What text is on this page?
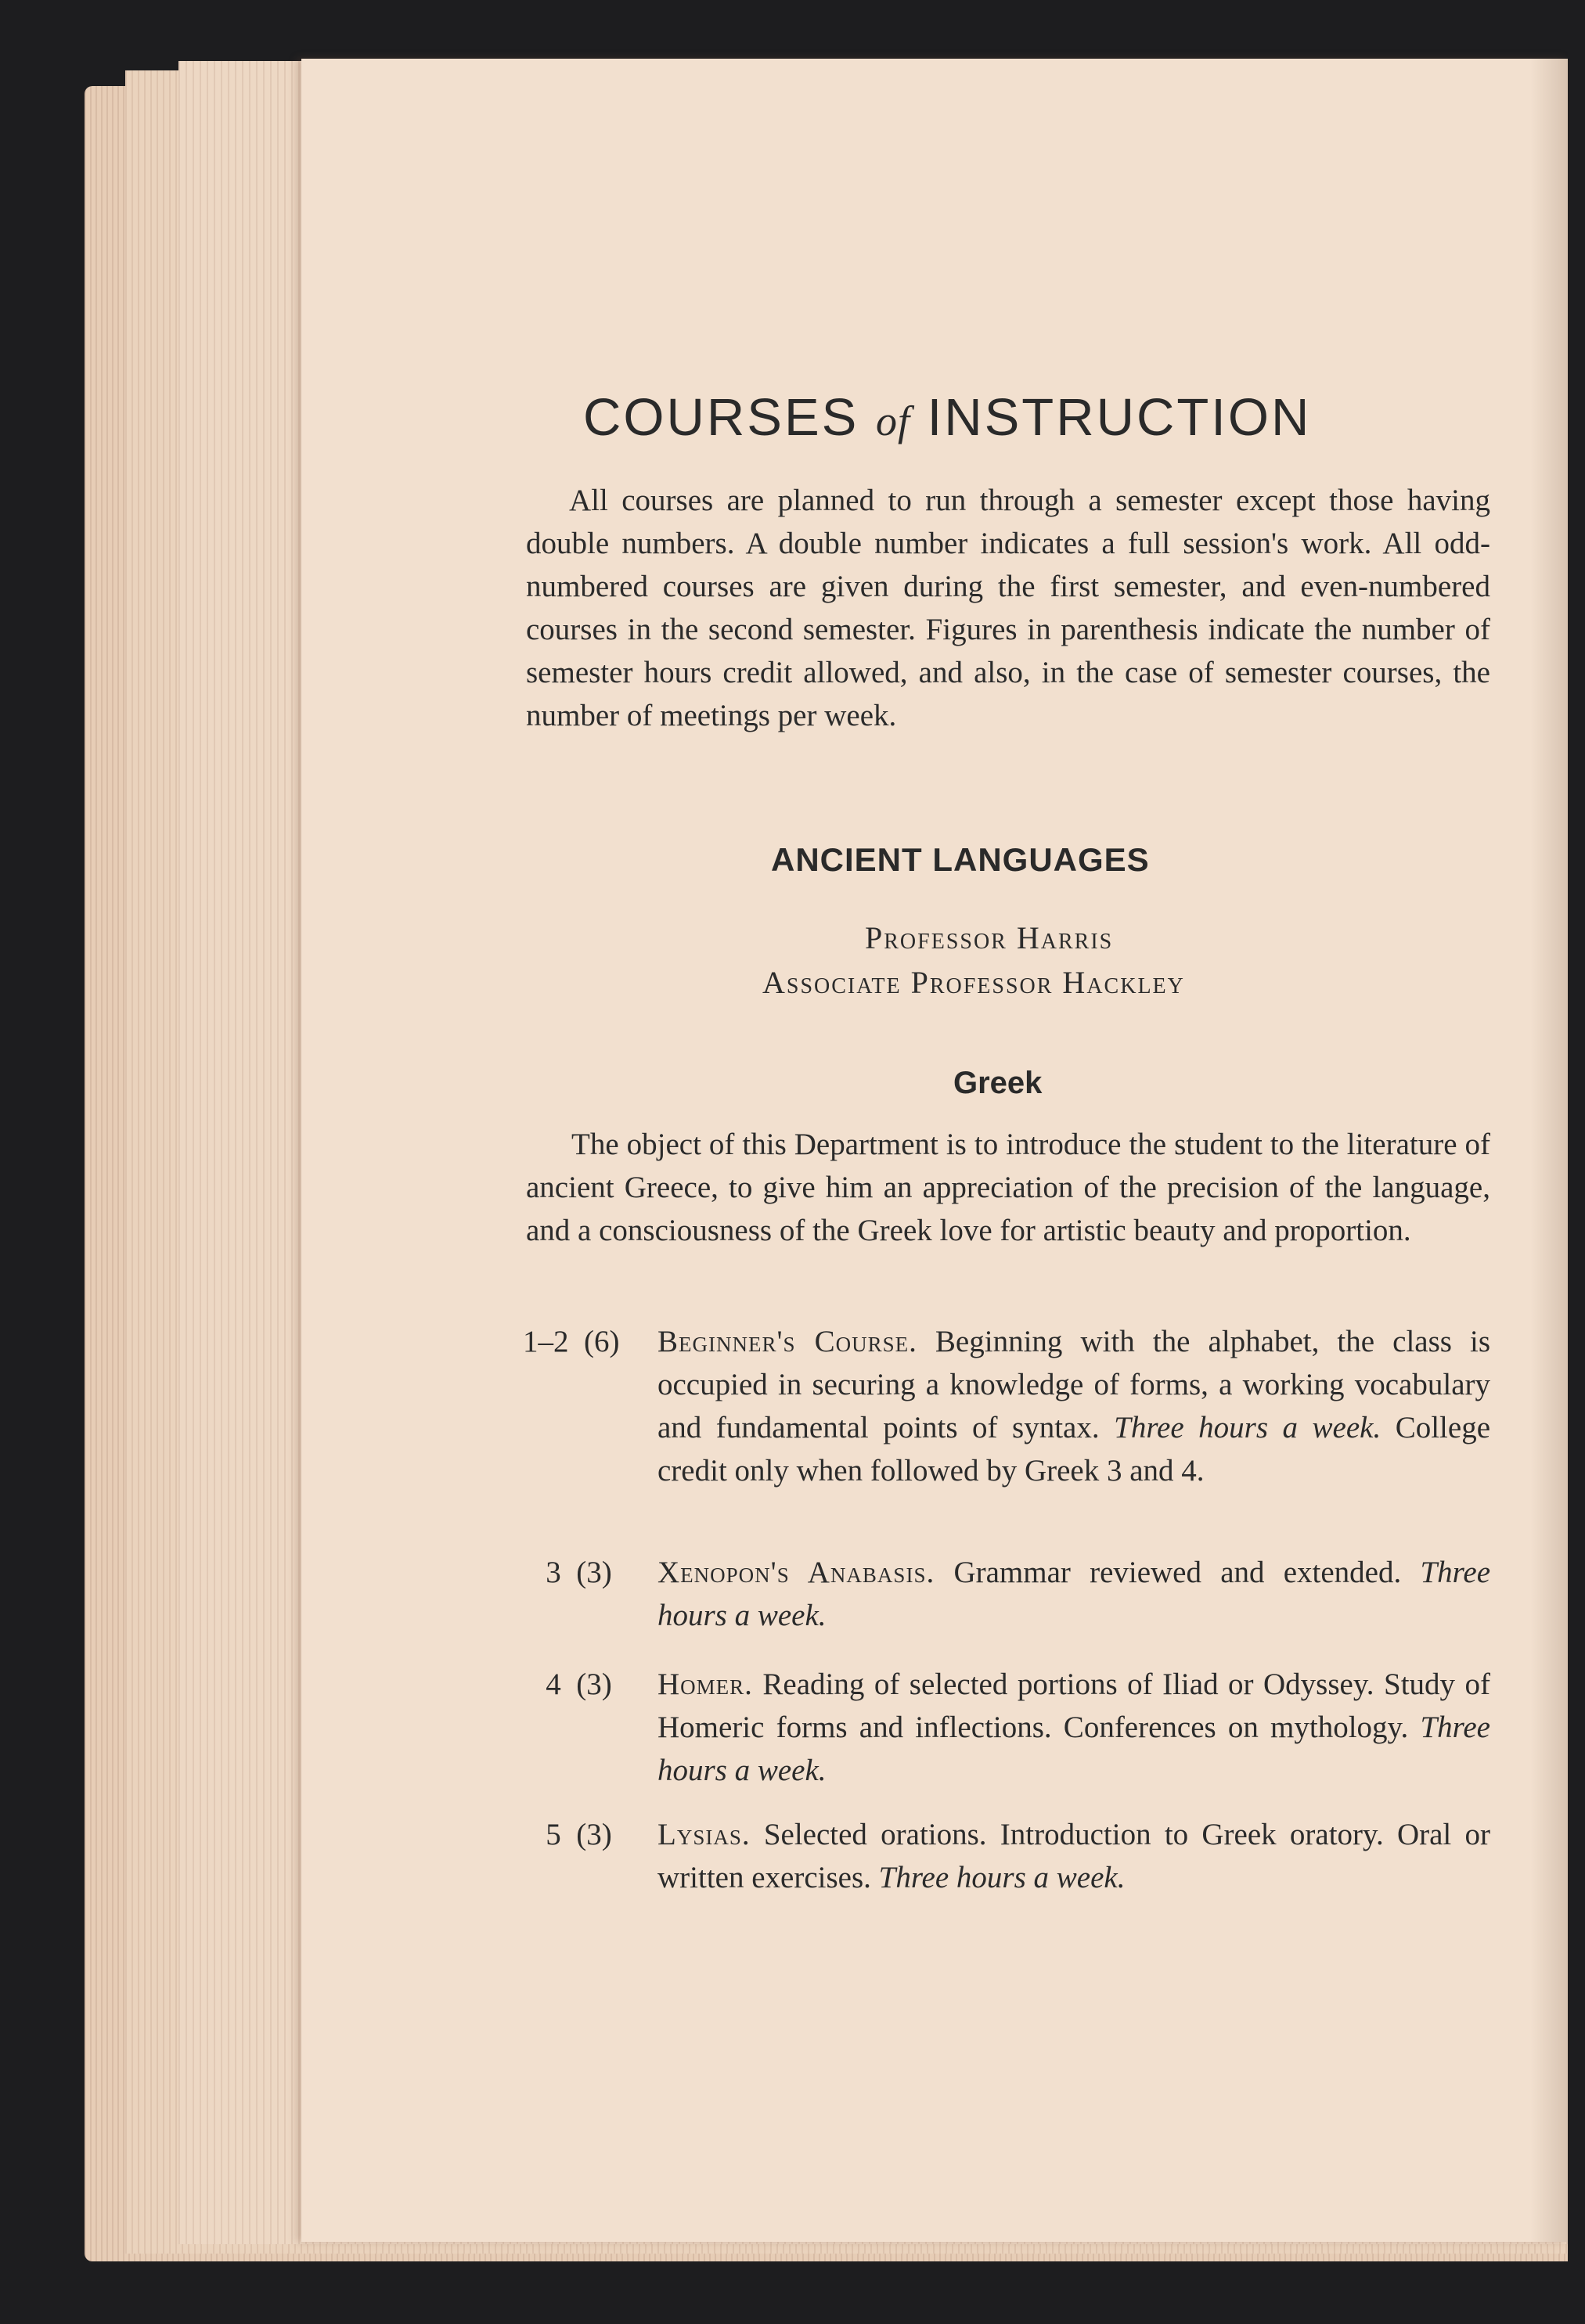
COURSES of INSTRUCTION
All courses are planned to run through a semester except those having double numbers. A double number indicates a full session's work. All odd-numbered courses are given during the first semester, and even-numbered courses in the second semester. Figures in parenthesis indicate the number of semester hours credit allowed, and also, in the case of semester courses, the number of meetings per week.
ANCIENT LANGUAGES
Professor Harris
Associate Professor Hackley
Greek
The object of this Department is to introduce the student to the literature of ancient Greece, to give him an appreciation of the precision of the language, and a consciousness of the Greek love for artistic beauty and proportion.
1–2 (6)	Beginner's Course. Beginning with the alphabet, the class is occupied in securing a knowledge of forms, a working vocabulary and fundamental points of syntax. Three hours a week. College credit only when followed by Greek 3 and 4.
3 (3)	Xenopon's Anabasis. Grammar reviewed and extended. Three hours a week.
4 (3)	Homer. Reading of selected portions of Iliad or Odyssey. Study of Homeric forms and inflections. Conferences on mythology. Three hours a week.
5 (3)	Lysias. Selected orations. Introduction to Greek oratory. Oral or written exercises. Three hours a week.
